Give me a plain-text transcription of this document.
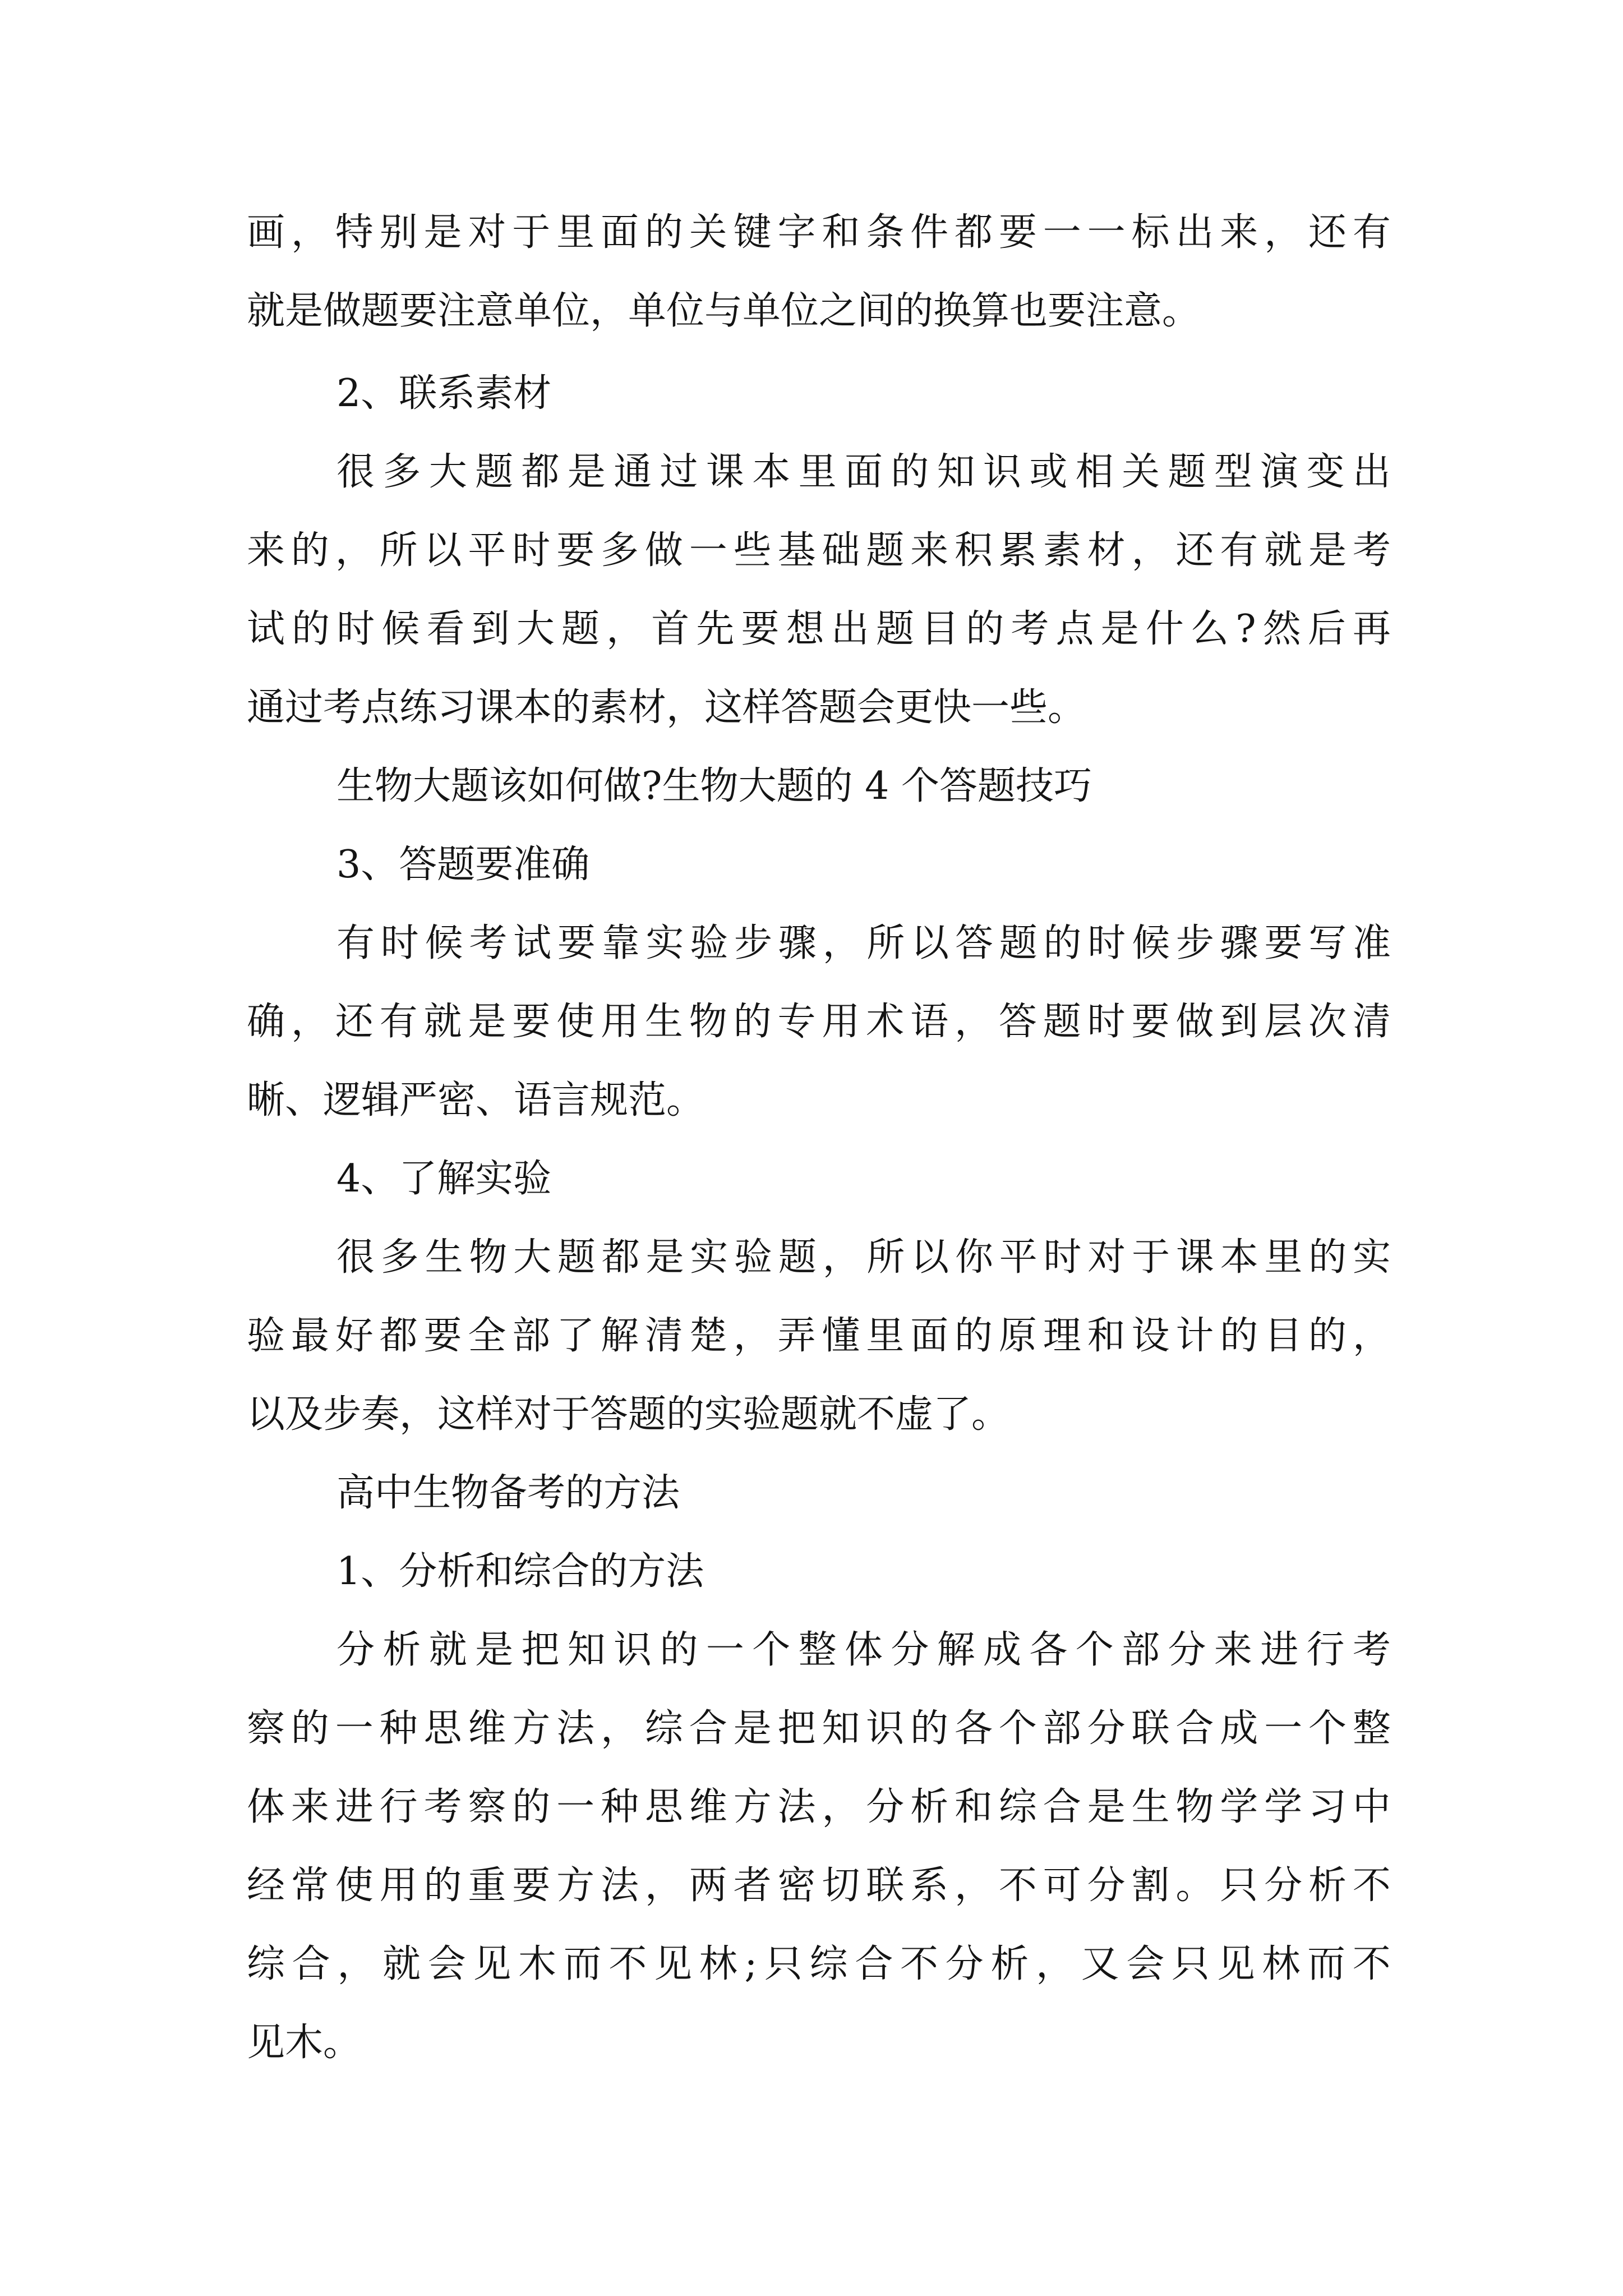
画 ， 特 别 是 对 于 里 面 的 关 键 字 和 条 件 都 要 一 一 标 出 来 ， 还 有
就是做题要注意单位，单位与单位之间的换算也要注意。
2、联系素材
很 多 大 题 都 是 通 过 课 本 里 面 的 知 识 或 相 关 题 型 演 变 出
来 的 ， 所 以 平 时 要 多 做 一 些 基 础 题 来 积 累 素 材 ， 还 有 就 是 考
试 的 时 候 看 到 大 题 ， 首 先 要 想 出 题 目 的 考 点 是 什 么 ? 然 后 再
通过考点练习课本的素材，这样答题会更快一些。
生物大题该如何做?生物大题的 4 个答题技巧
3、答题要准确
有 时 候 考 试 要 靠 实 验 步 骤 ， 所 以 答 题 的 时 候 步 骤 要 写 准
确 ， 还 有 就 是 要 使 用 生 物 的 专 用 术 语 ， 答 题 时 要 做 到 层 次 清
晰、逻辑严密、语言规范。
4、了解实验
很 多 生 物 大 题 都 是 实 验 题 ， 所 以 你 平 时 对 于 课 本 里 的 实
验 最 好 都 要 全 部 了 解 清 楚 ， 弄 懂 里 面 的 原 理 和 设 计 的 目 的 ，
以及步奏，这样对于答题的实验题就不虚了。
高中生物备考的方法
1、分析和综合的方法
分 析 就 是 把 知 识 的 一 个 整 体 分 解 成 各 个 部 分 来 进 行 考
察 的 一 种 思 维 方 法 ， 综 合 是 把 知 识 的 各 个 部 分 联 合 成 一 个 整
体 来 进 行 考 察 的 一 种 思 维 方 法 ， 分 析 和 综 合 是 生 物 学 学 习 中
经 常 使 用 的 重 要 方 法 ， 两 者 密 切 联 系 ， 不 可 分 割 。 只 分 析 不
综 合 ， 就 会 见 木 而 不 见 林 ; 只 综 合 不 分 析 ， 又 会 只 见 林 而 不
见木。
